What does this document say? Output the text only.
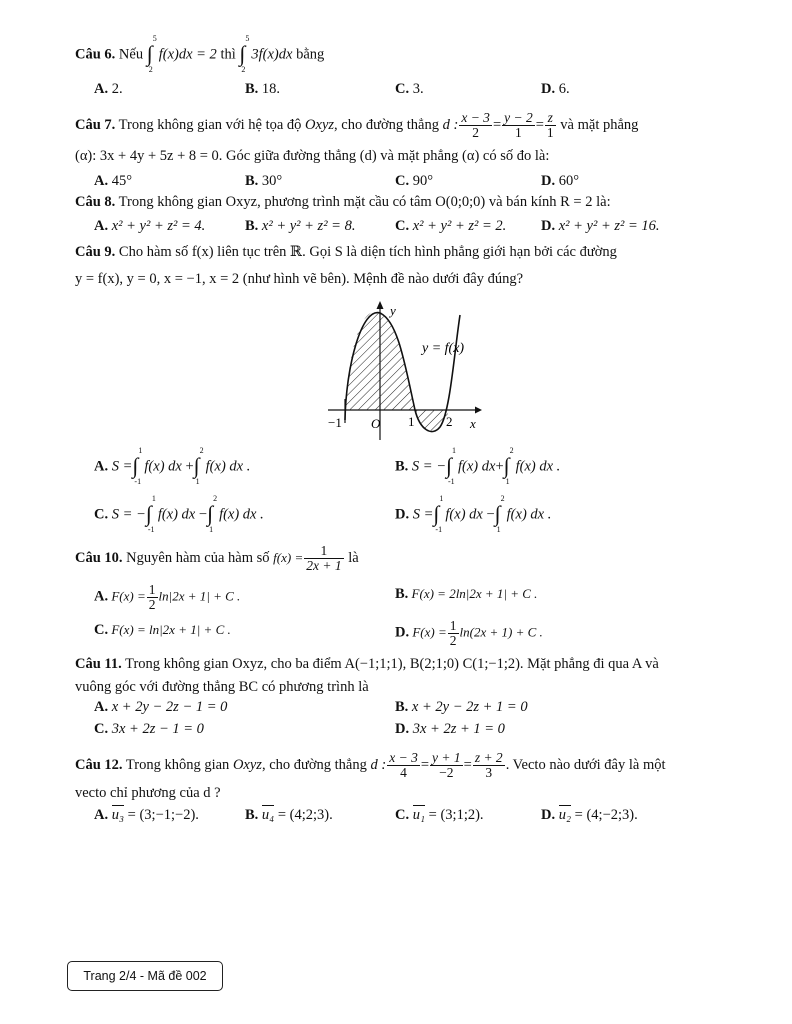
Câu 6. Nếu ∫
5
2
f(x)dx = 2 thì ∫
5
2
3f(x)dx bằng
A. 2.	B. 18.	C. 3.	D. 6.
Câu 7. Trong không gian với hệ tọa độ Oxyz, cho đường thẳng d : $\frac{x - 3}{2} = \frac{y - 2}{1} = \frac{z}{1}$ và mặt phẳng
(α): 3x + 4y + 5z + 8 = 0. Góc giữa đường thẳng (d) và mặt phẳng (α) có số đo là:
A. 45°	B. 30°	C. 90°	D. 60°
Câu 8. Trong không gian Oxyz, phương trình mặt cầu có tâm O(0;0;0) và bán kính R = 2 là:
A. x² + y² + z² = 4.	B. x² + y² + z² = 8.	C. x² + y² + z² = 2. D. x² + y² + z² = 16.
Câu 9. Cho hàm số f(x) liên tục trên ℝ. Gọi S là diện tích hình phẳng giới hạn bởi các đường
y = f(x), y = 0, x = −1, x = 2 (như hình vẽ bên). Mệnh đề nào dưới đây đúng?
y
x
y = f(x)
−1 O 1 2
A. S = ∫
1
-1
f(x) dx + ∫
2
1
f(x) dx .	B. S = − ∫
1
-1
f(x) dx+ ∫
2
1
f(x) dx .
C. S = − ∫
1
-1
f(x) dx − ∫
2
1
f(x) dx .	D. S = ∫
1
-1
f(x) dx − ∫
2
1
f(x) dx .
Câu 10. Nguyên hàm của hàm số $f(x) = \frac{1}{2x + 1}$ là
A. $F(x) = \frac{1}{2} \ln|2x + 1| + C$ .	B. F(x) = 2ln|2x + 1| + C .
C. F(x) = ln|2x + 1| + C .	D. $F(x) = \frac{1}{2} \ln(2x + 1) + C$ .
Câu 11. Trong không gian Oxyz, cho ba điểm A(−1;1;1), B(2;1;0) C(1;−1;2). Mặt phẳng đi qua A và
vuông góc với đường thẳng BC có phương trình là
A. x + 2y − 2z − 1 = 0	B. x + 2y − 2z + 1 = 0
C. 3x + 2z − 1 = 0	D. 3x + 2z + 1 = 0
Câu 12. Trong không gian Oxyz, cho đường thẳng d : $\frac{x - 3}{4} = \frac{y + 1}{-2} = \frac{z + 2}{3}$ . Vecto nào dưới đây là một
vecto chỉ phương của d ?
A. u₃ = (3;−1;−2).	B. u₄ = (4;2;3).	C. u₁ = (3;1;2).	D. u₂ = (4;−2;3).
Trang 2/4 - Mã đề 002
